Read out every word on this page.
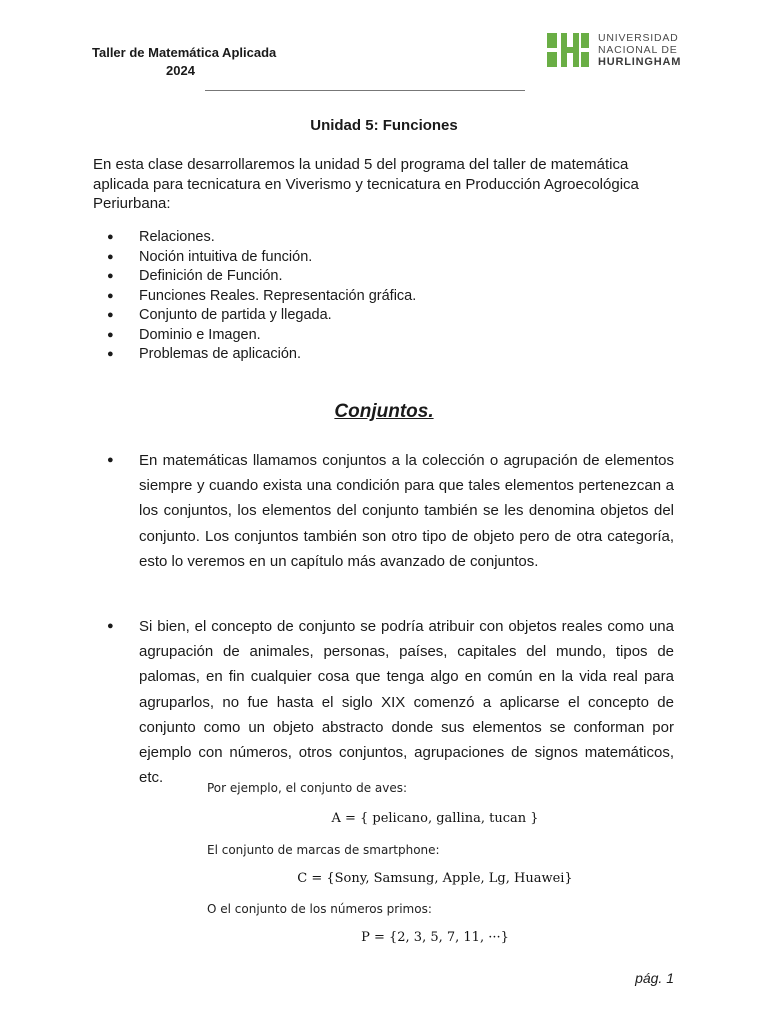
Taller de Matemática Aplicada
2024
UNIVERSIDAD
NACIONAL DE
HURLINGHAM
Unidad 5: Funciones
En esta clase desarrollaremos la unidad 5 del programa del taller de matemática aplicada para tecnicatura en Viverismo y tecnicatura en Producción Agroecológica Periurbana:
● Relaciones.
● Noción intuitiva de función.
● Definición de Función.
● Funciones Reales. Representación gráfica.
● Conjunto de partida y llegada.
● Dominio e Imagen.
● Problemas de aplicación.
Conjuntos.
● En matemáticas llamamos conjuntos a la colección o agrupación de elementos siempre y cuando exista una condición para que tales elementos pertenezcan a los conjuntos, los elementos del conjunto también se les denomina objetos del conjunto. Los conjuntos también son otro tipo de objeto pero de otra categoría, esto lo veremos en un capítulo más avanzado de conjuntos.
● Si bien, el concepto de conjunto se podría atribuir con objetos reales como una agrupación de animales, personas, países, capitales del mundo, tipos de palomas, en fin cualquier cosa que tenga algo en común en la vida real para agruparlos, no fue hasta el siglo XIX comenzó a aplicarse el concepto de conjunto como un objeto abstracto donde sus elementos se conforman por ejemplo con números, otros conjuntos, agrupaciones de signos matemáticos, etc.
Por ejemplo, el conjunto de aves:
A = { pelicano, gallina, tucan }
El conjunto de marcas de smartphone:
C = {Sony, Samsung, Apple, Lg, Huawei}
O el conjunto de los números primos:
P = {2, 3, 5, 7, 11, ···}
pág. 1
